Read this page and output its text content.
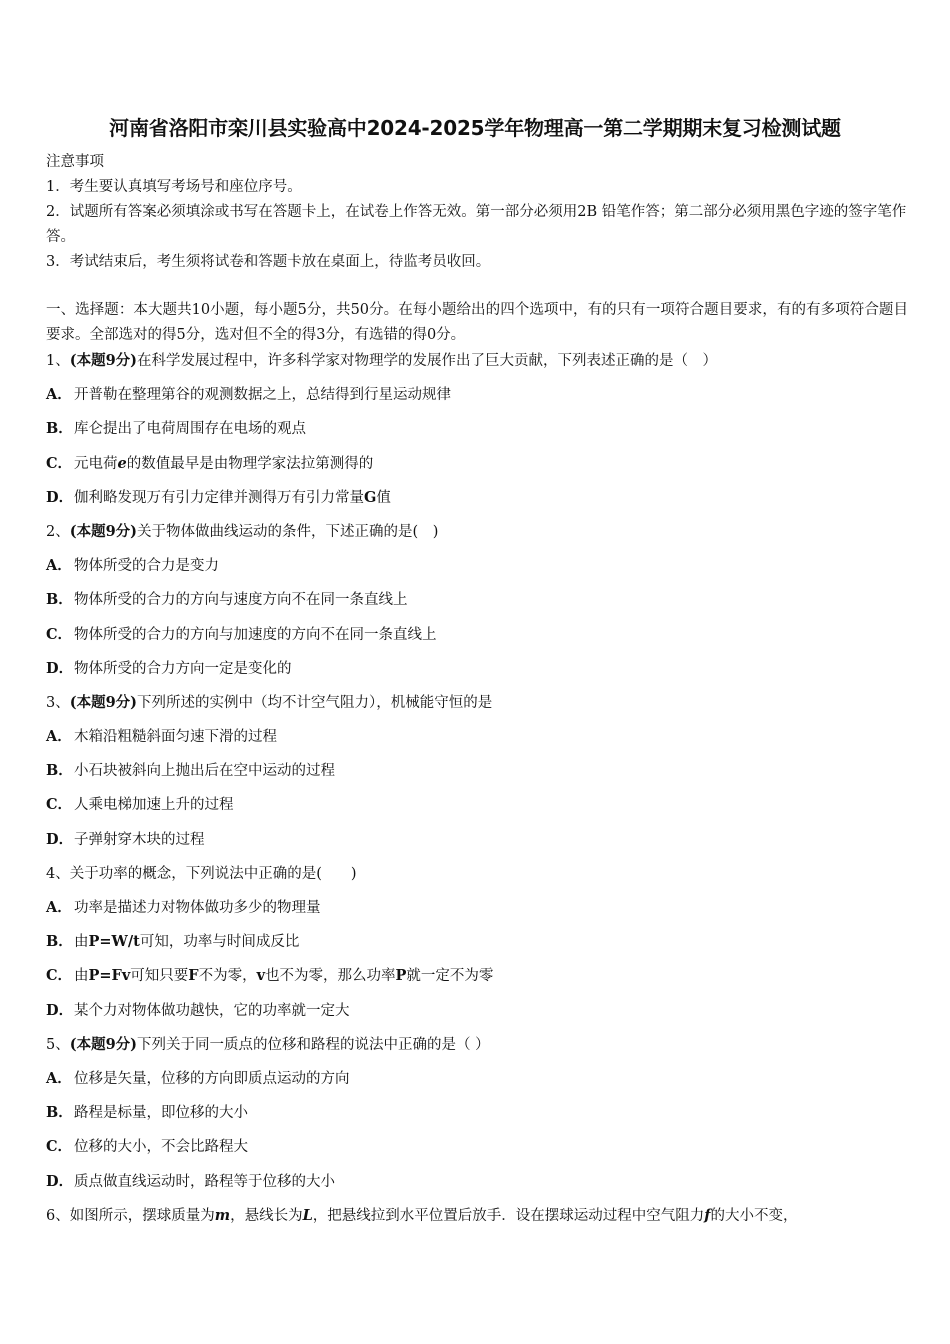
河南省洛阳市栾川县实验高中2024-2025学年物理高一第二学期期末复习检测试题

注意事项

1．考生要认真填写考场号和座位序号。

2．试题所有答案必须填涂或书写在答题卡上，在试卷上作答无效。第一部分必须用2B 铅笔作答；第二部分必须用黑色字迹的签字笔作答。

3．考试结束后，考生须将试卷和答题卡放在桌面上，待监考员收回。

一、选择题：本大题共10小题，每小题5分，共50分。在每小题给出的四个选项中，有的只有一项符合题目要求，有的有多项符合题目要求。全部选对的得5分，选对但不全的得3分，有选错的得0分。
1、(本题9分)在科学发展过程中，许多科学家对物理学的发展作出了巨大贡献，下列表述正确的是（　）
A． 开普勒在整理第谷的观测数据之上，总结得到行星运动规律
B．库仑提出了电荷周围存在电场的观点
C． 元电荷e的数值最早是由物理学家法拉第测得的
D．伽利略发现万有引力定律并测得万有引力常量G值
2、(本题9分)关于物体做曲线运动的条件，下述正确的是(　)
A． 物体所受的合力是变力
B．物体所受的合力的方向与速度方向不在同一条直线上
C． 物体所受的合力的方向与加速度的方向不在同一条直线上
D．物体所受的合力方向一定是变化的
3、(本题9分)下列所述的实例中（均不计空气阻力），机械能守恒的是
A． 木箱沿粗糙斜面匀速下滑的过程
B．小石块被斜向上抛出后在空中运动的过程
C． 人乘电梯加速上升的过程
D．子弹射穿木块的过程
4、关于功率的概念，下列说法中正确的是(　　)
A． 功率是描述力对物体做功多少的物理量
B．由P=W/t可知，功率与时间成反比
C． 由P=Fv可知只要F不为零，v也不为零，那么功率P就一定不为零
D．某个力对物体做功越快，它的功率就一定大
5、(本题9分)下列关于同一质点的位移和路程的说法中正确的是（ ）
A． 位移是矢量，位移的方向即质点运动的方向
B．路程是标量，即位移的大小
C． 位移的大小，不会比路程大
D．质点做直线运动时，路程等于位移的大小
6、如图所示，摆球质量为m，悬线长为L，把悬线拉到水平位置后放手．设在摆球运动过程中空气阻力f的大小不变，
